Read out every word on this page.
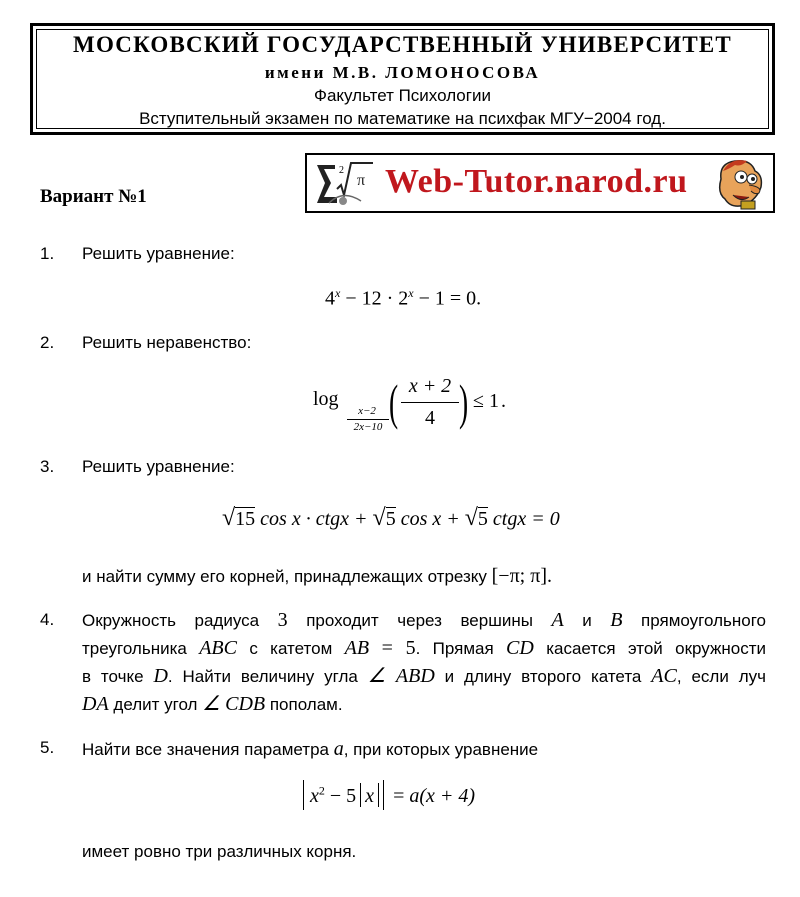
МОСКОВСКИЙ ГОСУДАРСТВЕННЫЙ УНИВЕРСИТЕТ
имени М.В. ЛОМОНОСОВА
Факультет Психологии
Вступительный экзамен по математике на психфак МГУ−2004 год.
2
π Web-Tutor.narod.ru
Вариант №1
1. Решить уравнение:
$4^x - 12 \cdot 2^x - 1 = 0$.
2. Решить неравенство:
log
x−2
2x−10 ( x + 2
4 ) ≤ 1 .
3. Решить уравнение:
√15 cos x · ctgx + √5 cos x + √5 ctgx = 0
и найти сумму его корней, принадлежащих отрезку [−π; π].
4. Окружность радиуса 3 проходит через вершины A и B прямоугольного
треугольника ABC с катетом AB = 5. Прямая CD касается этой окружности
в точке D. Найти величину угла ∠ ABD и длину второго катета AC, если луч
DA делит угол ∠ CDB пополам.
5. Найти все значения параметра a, при которых уравнение
$x^2 - 5$ x = a(x + 4)
имеет ровно три различных корня.
